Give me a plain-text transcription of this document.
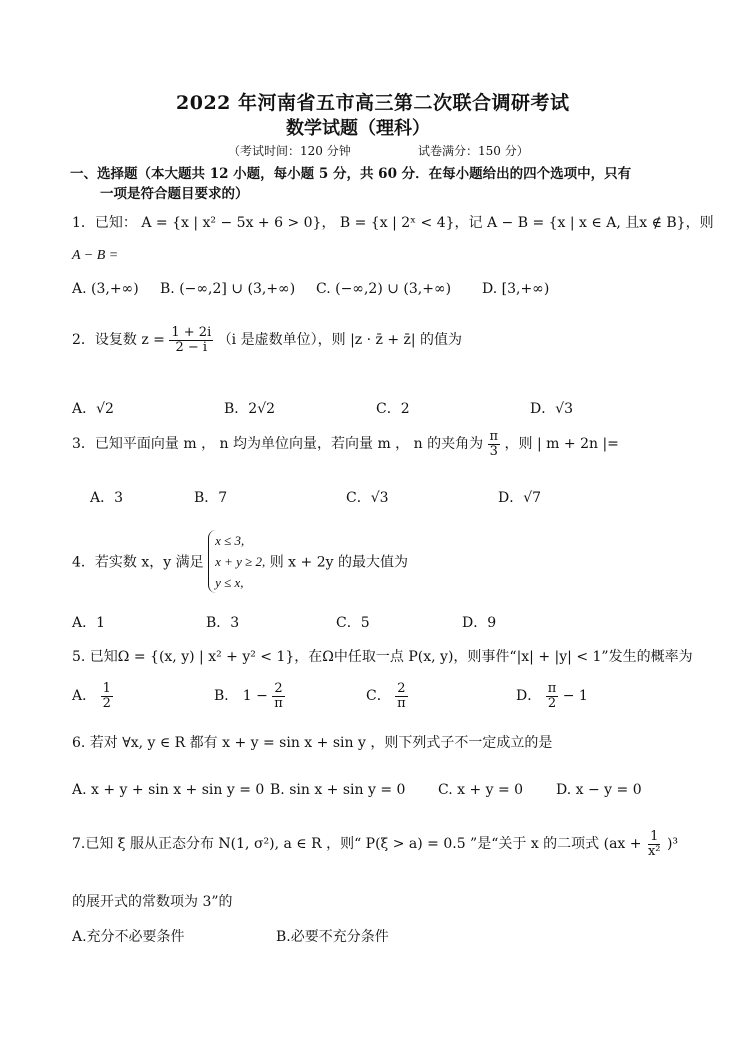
2022 年河南省五市高三第二次联合调研考试
数学试题（理科）
（考试时间：120 分钟	试卷满分：150 分）
一、选择题（本大题共 12 小题，每小题 5 分，共 60 分．在每小题给出的四个选项中，只有
一项是符合题目要求的）
1．已知： A = {x | x² − 5x + 6 > 0}， B = {x | 2ˣ < 4}，记 A − B = {x | x ∈ A, 且x ∉ B}，则
A − B =
A. (3,+∞) B. (−∞,2] ∪ (3,+∞) C. (−∞,2) ∪ (3,+∞) D. [3,+∞)
2．设复数 $z = \frac{1 + 2i}{2 - i} (i$ 是虚数单位），则 |z · z̄ + z̄| 的值为
A．√2	B．2√2	C．2	D．√3
3．已知平面向量 m ， n 均为单位向量，若向量 m ， n 的夹角为 $\frac{\pi}{3}$ ，则 | m + 2n |=
A．3	B．7	C．√3	D．√7
4．若实数 x，y 满足 x ≤ 3,
x + y ≥ 2,
y ≤ x, 则 x + 2y 的最大值为
A．1	B．3	C．5	D．9
5. 已知Ω = {(x, y) | x² + y² < 1}，在Ω中任取一点 P(x, y)，则事件“|x| + |y| < 1”发生的概率为
A． $\frac{1}{2}$	B． $1 - \frac{2}{\pi}$	C． $\frac{2}{\pi}$	D． $\frac{\pi}{2} - 1$
6. 若对 ∀x, y ∈ R 都有 x + y = sin x + sin y ，则下列式子不一定成立的是
A. x + y + sin x + sin y = 0 B. sin x + sin y = 0 C. x + y = 0 D. x − y = 0
7.已知 ξ 服从正态分布 N(1, σ²), a ∈ R ，则“ P(ξ > a) = 0.5 ”是“关于 x 的二项式 $(ax + \frac{1}{\text{x²}} )^3$
的展开式的常数项为 3”的
A.充分不必要条件	B.必要不充分条件
